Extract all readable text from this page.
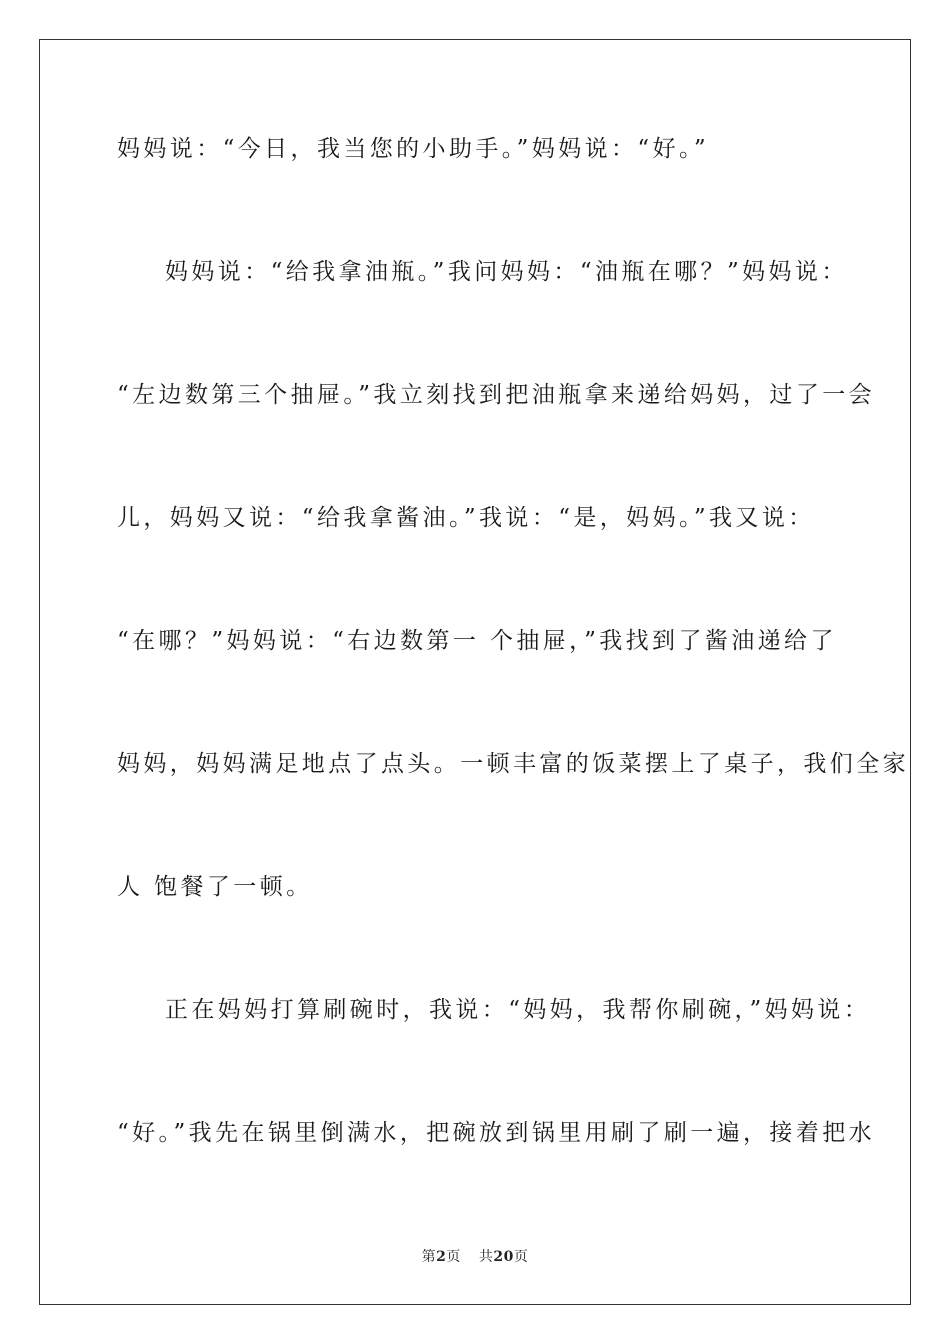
妈妈说：“今日，我当您的小助手。”妈妈说：“好。”
妈妈说：“给我拿油瓶。”我问妈妈：“油瓶在哪？”妈妈说：
“左边数第三个抽屉。”我立刻找到把油瓶拿来递给妈妈，过了一会
儿，妈妈又说：“给我拿酱油。”我说：“是，妈妈。”我又说：
“在哪？”妈妈说：“右边数第一 个抽屉，”我找到了酱油递给了
妈妈，妈妈满足地点了点头。一顿丰富的饭菜摆上了桌子，我们全家
人 饱餐了一顿。
正在妈妈打算刷碗时，我说：“妈妈，我帮你刷碗，”妈妈说：
“好。”我先在锅里倒满水，把碗放到锅里用刷了刷一遍，接着把水
第2页 共20页
